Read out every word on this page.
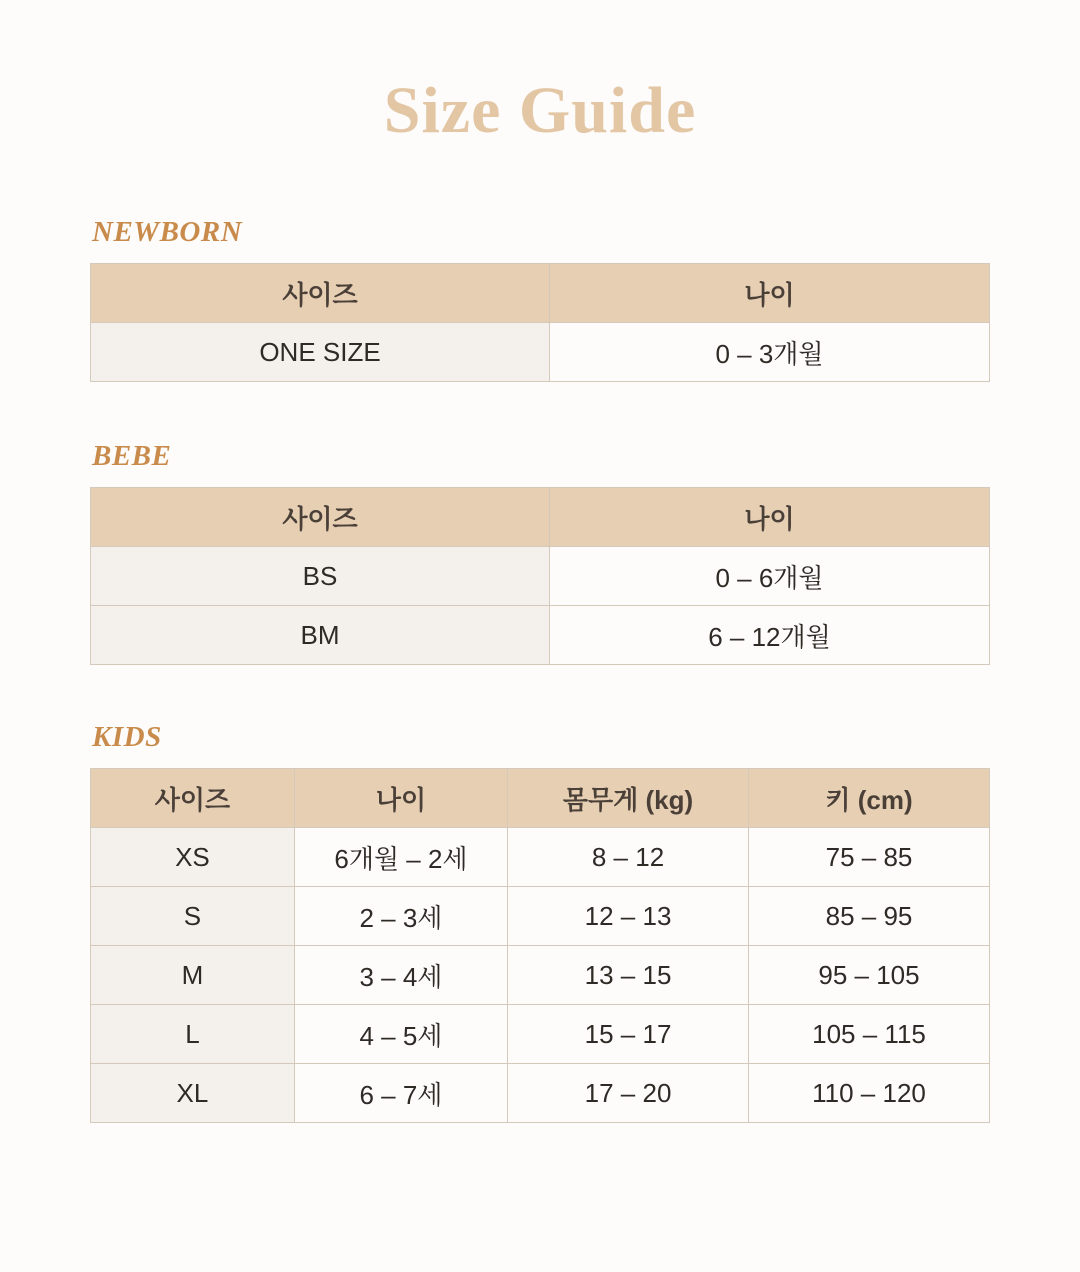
Size Guide
NEWBORN
사이즈	나이
ONE SIZE	0 – 3개월
BEBE
사이즈	나이
BS	0 – 6개월
BM	6 – 12개월
KIDS
사이즈	나이	몸무게 (kg)	키 (cm)
XS	6개월 – 2세	8 – 12	75 – 85
S	2 – 3세	12 – 13	85 – 95
M	3 – 4세	13 – 15	95 – 105
L	4 – 5세	15 – 17	105 – 115
XL	6 – 7세	17 – 20	110 – 120
